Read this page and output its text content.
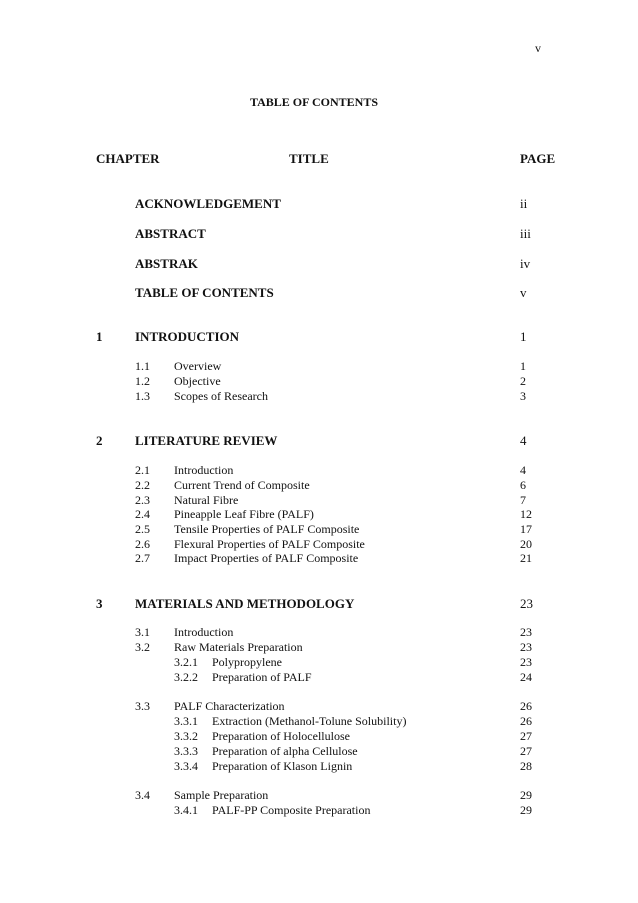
v
TABLE OF CONTENTS
CHAPTER	TITLE	PAGE
ACKNOWLEDGEMENT	ii
ABSTRACT	iii
ABSTRAK	iv
TABLE OF CONTENTS	v
1	INTRODUCTION	1
1.1 Overview	1
1.2 Objective	2
1.3 Scopes of Research	3
2	LITERATURE REVIEW	4
2.1 Introduction	4
2.2 Current Trend of Composite	6
2.3 Natural Fibre	7
2.4 Pineapple Leaf Fibre (PALF)	12
2.5 Tensile Properties of PALF Composite	17
2.6 Flexural Properties of PALF Composite	20
2.7 Impact Properties of PALF Composite	21
3	MATERIALS AND METHODOLOGY	23
3.1 Introduction	23
3.2 Raw Materials Preparation	23
3.2.1 Polypropylene	23
3.2.2 Preparation of PALF	24
3.3 PALF Characterization	26
3.3.1 Extraction (Methanol-Tolune Solubility)	26
3.3.2 Preparation of Holocellulose	27
3.3.3 Preparation of alpha Cellulose	27
3.3.4 Preparation of Klason Lignin	28
3.4 Sample Preparation	29
3.4.1 PALF-PP Composite Preparation	29
